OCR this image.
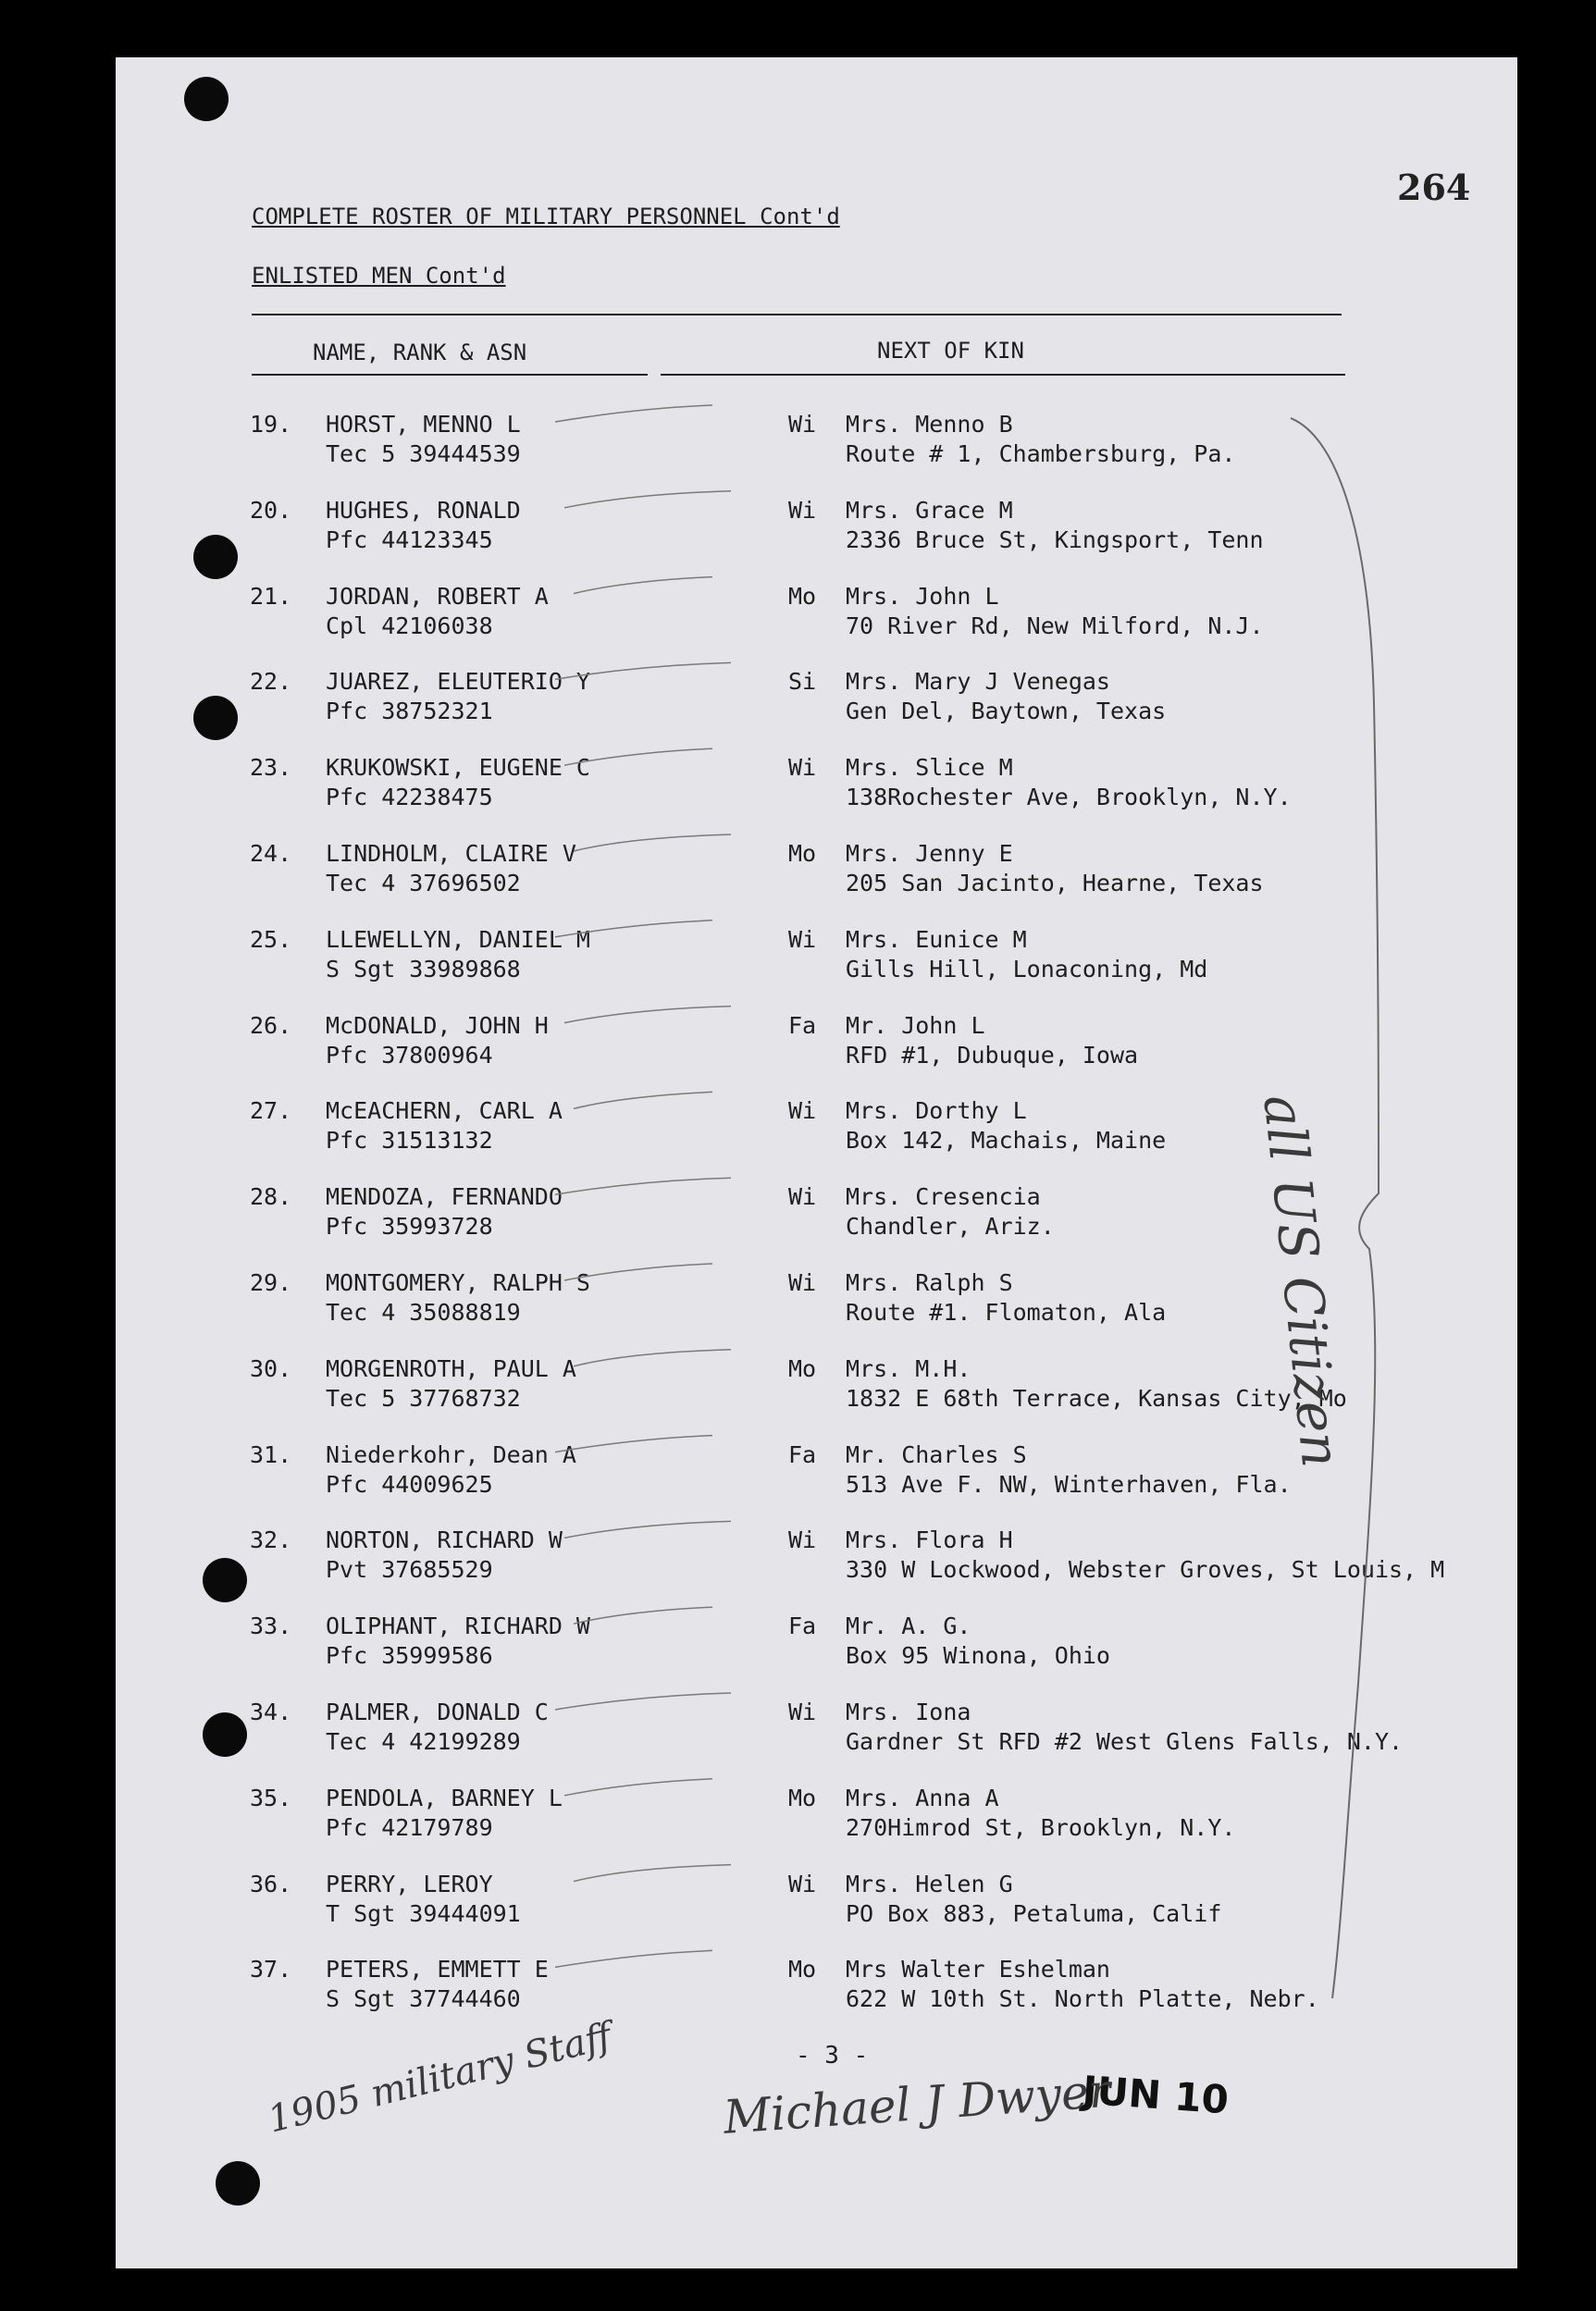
264
COMPLETE ROSTER OF MILITARY PERSONNEL Cont'd
ENLISTED MEN Cont'd
NAME, RANK & ASN	NEXT OF KIN
19. HORST, MENNO L
Tec 5 39444539
Wi Mrs. Menno B
Route # 1, Chambersburg, Pa.
20. HUGHES, RONALD
Pfc 44123345
Wi Mrs. Grace M
2336 Bruce St, Kingsport, Tenn
21. JORDAN, ROBERT A
Cpl 42106038
Mo Mrs. John L
70 River Rd, New Milford, N.J.
22. JUAREZ, ELEUTERIO Y
Pfc 38752321
Si Mrs. Mary J Venegas
Gen Del, Baytown, Texas
23. KRUKOWSKI, EUGENE C
Pfc 42238475
Wi Mrs. Slice M
138Rochester Ave, Brooklyn, N.Y.
24. LINDHOLM, CLAIRE V
Tec 4 37696502
Mo Mrs. Jenny E
205 San Jacinto, Hearne, Texas
25. LLEWELLYN, DANIEL M
S Sgt 33989868
Wi Mrs. Eunice M
Gills Hill, Lonaconing, Md
26. McDONALD, JOHN H
Pfc 37800964
Fa Mr. John L
RFD #1, Dubuque, Iowa
27. McEACHERN, CARL A
Pfc 31513132
Wi Mrs. Dorthy L
Box 142, Machais, Maine
28. MENDOZA, FERNANDO
Pfc 35993728
Wi Mrs. Cresencia
Chandler, Ariz.
29. MONTGOMERY, RALPH S
Tec 4 35088819
Wi Mrs. Ralph S
Route #1. Flomaton, Ala
30. MORGENROTH, PAUL A
Tec 5 37768732
Mo Mrs. M.H.
1832 E 68th Terrace, Kansas City, Mo
31. Niederkohr, Dean A
Pfc 44009625
Fa Mr. Charles S
513 Ave F. NW, Winterhaven, Fla.
32. NORTON, RICHARD W
Pvt 37685529
Wi Mrs. Flora H
330 W Lockwood, Webster Groves, St Louis, M
33. OLIPHANT, RICHARD W
Pfc 35999586
Fa Mr. A. G.
Box 95 Winona, Ohio
34. PALMER, DONALD C
Tec 4 42199289
Wi Mrs. Iona
Gardner St RFD #2 West Glens Falls, N.Y.
35. PENDOLA, BARNEY L
Pfc 42179789
Mo Mrs. Anna A
270Himrod St, Brooklyn, N.Y.
36. PERRY, LEROY
T Sgt 39444091
Wi Mrs. Helen G
PO Box 883, Petaluma, Calif
37. PETERS, EMMETT E
S Sgt 37744460
Mo Mrs Walter Eshelman
622 W 10th St. North Platte, Nebr.
- 3 -
JUN 10
all US Citizen
1905 military Staff Michael J Dwyer
